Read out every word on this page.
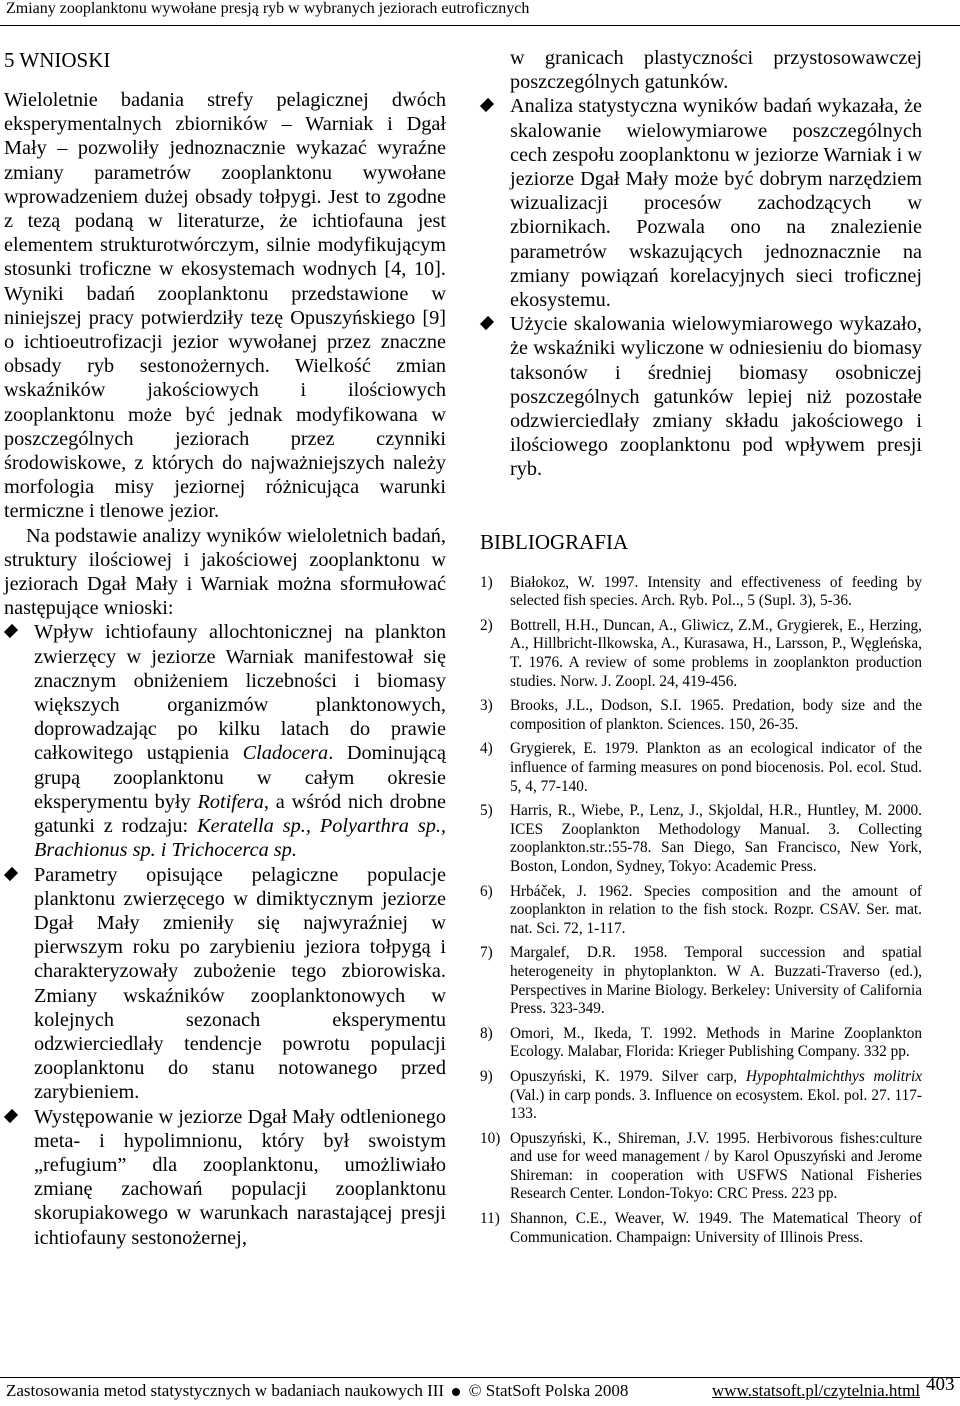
Zmiany zooplanktonu wywołane presją ryb w wybranych jeziorach eutroficznych
5 WNIOSKI

Wieloletnie badania strefy pelagicznej dwóch eksperymentalnych zbiorników – Warniak i Dgał Mały – pozwoliły jednoznacznie wykazać wyraźne zmiany parametrów zooplanktonu wywołane wprowadzeniem dużej obsady tołpygi. Jest to zgodne z tezą podaną w literaturze, że ichtiofauna jest elementem strukturotwórczym, silnie modyfikującym stosunki troficzne w ekosystemach wodnych [4, 10]. Wyniki badań zooplanktonu przedstawione w niniejszej pracy potwierdziły tezę Opuszyńskiego [9] o ichtioeutrofizacji jezior wywołanej przez znaczne obsady ryb sestonożernych. Wielkość zmian wskaźników jakościowych i ilościowych zooplanktonu może być jednak modyfikowana w poszczególnych jeziorach przez czynniki środowiskowe, z których do najważniejszych należy morfologia misy jeziornej różnicująca warunki termiczne i tlenowe jezior.

Na podstawie analizy wyników wieloletnich badań, struktury ilościowej i jakościowej zooplanktonu w jeziorach Dgał Mały i Warniak można sformułować następujące wnioski:

Wpływ ichtiofauny allochtonicznej na plankton zwierzęcy w jeziorze Warniak manifestował się znacznym obniżeniem liczebności i biomasy większych organizmów planktonowych, doprowadzając po kilku latach do prawie całkowitego ustąpienia Cladocera. Dominującą grupą zooplanktonu w całym okresie eksperymentu były Rotifera, a wśród nich drobne gatunki z rodzaju: Keratella sp., Polyarthra sp., Brachionus sp. i Trichocerca sp.
Parametry opisujące pelagiczne populacje planktonu zwierzęcego w dimiktycznym jeziorze Dgał Mały zmieniły się najwyraźniej w pierwszym roku po zarybieniu jeziora tołpygą i charakteryzowały zubożenie tego zbiorowiska. Zmiany wskaźników zooplanktonowych w kolejnych sezonach eksperymentu odzwierciedlały tendencje powrotu populacji zooplanktonu do stanu notowanego przed zarybieniem.
Występowanie w jeziorze Dgał Mały odtlenionego meta- i hypolimnionu, który był swoistym „refugium” dla zooplanktonu, umożliwiało zmianę zachowań populacji zooplanktonu skorupiakowego w warunkach narastającej presji ichtiofauny sestonożernej,

w granicach plastyczności przystosowawczej poszczególnych gatunków.

Analiza statystyczna wyników badań wykazała, że skalowanie wielowymiarowe poszczególnych cech zespołu zooplanktonu w jeziorze Warniak i w jeziorze Dgał Mały może być dobrym narzędziem wizualizacji procesów zachodzących w zbiornikach. Pozwala ono na znalezienie parametrów wskazujących jednoznacznie na zmiany powiązań korelacyjnych sieci troficznej ekosystemu.
Użycie skalowania wielowymiarowego wykazało, że wskaźniki wyliczone w odniesieniu do biomasy taksonów i średniej biomasy osobniczej poszczególnych gatunków lepiej niż pozostałe odzwierciedlały zmiany składu jakościowego i ilościowego zooplanktonu pod wpływem presji ryb.
BIBLIOGRAFIA
1) Białokoz, W. 1997. Intensity and effectiveness of feeding by selected fish species. Arch. Ryb. Pol.., 5 (Supl. 3), 5-36.
2) Bottrell, H.H., Duncan, A., Gliwicz, Z.M., Grygierek, E., Herzing, A., Hillbricht-Ilkowska, A., Kurasawa, H., Larsson, P., Węgleńska, T. 1976. A review of some problems in zooplankton production studies. Norw. J. Zoopl. 24, 419-456.
3) Brooks, J.L., Dodson, S.I. 1965. Predation, body size and the composition of plankton. Sciences. 150, 26-35.
4) Grygierek, E. 1979. Plankton as an ecological indicator of the influence of farming measures on pond biocenosis. Pol. ecol. Stud. 5, 4, 77-140.
5) Harris, R., Wiebe, P., Lenz, J., Skjoldal, H.R., Huntley, M. 2000. ICES Zooplankton Methodology Manual. 3. Collecting zooplankton.str.:55-78. San Diego, San Francisco, New York, Boston, London, Sydney, Tokyo: Academic Press.
6) Hrbáček, J. 1962. Species composition and the amount of zooplankton in relation to the fish stock. Rozpr. CSAV. Ser. mat. nat. Sci. 72, 1-117.
7) Margalef, D.R. 1958. Temporal succession and spatial heterogeneity in phytoplankton. W A. Buzzati-Traverso (ed.), Perspectives in Marine Biology. Berkeley: University of California Press. 323-349.
8) Omori, M., Ikeda, T. 1992. Methods in Marine Zooplankton Ecology. Malabar, Florida: Krieger Publishing Company. 332 pp.
9) Opuszyński, K. 1979. Silver carp, Hypophtalmichthys molitrix (Val.) in carp ponds. 3. Influence on ecosystem. Ekol. pol. 27. 117-133.
10) Opuszyński, K., Shireman, J.V. 1995. Herbivorous fishes:culture and use for weed management / by Karol Opuszyński and Jerome Shireman: in cooperation with USFWS National Fisheries Research Center. London-Tokyo: CRC Press. 223 pp.
11) Shannon, C.E., Weaver, W. 1949. The Matematical Theory of Communication. Champaign: University of Illinois Press.
Zastosowania metod statystycznych w badaniach naukowych III © StatSoft Polska 2008	www.statsoft.pl/czytelnia.html 403
